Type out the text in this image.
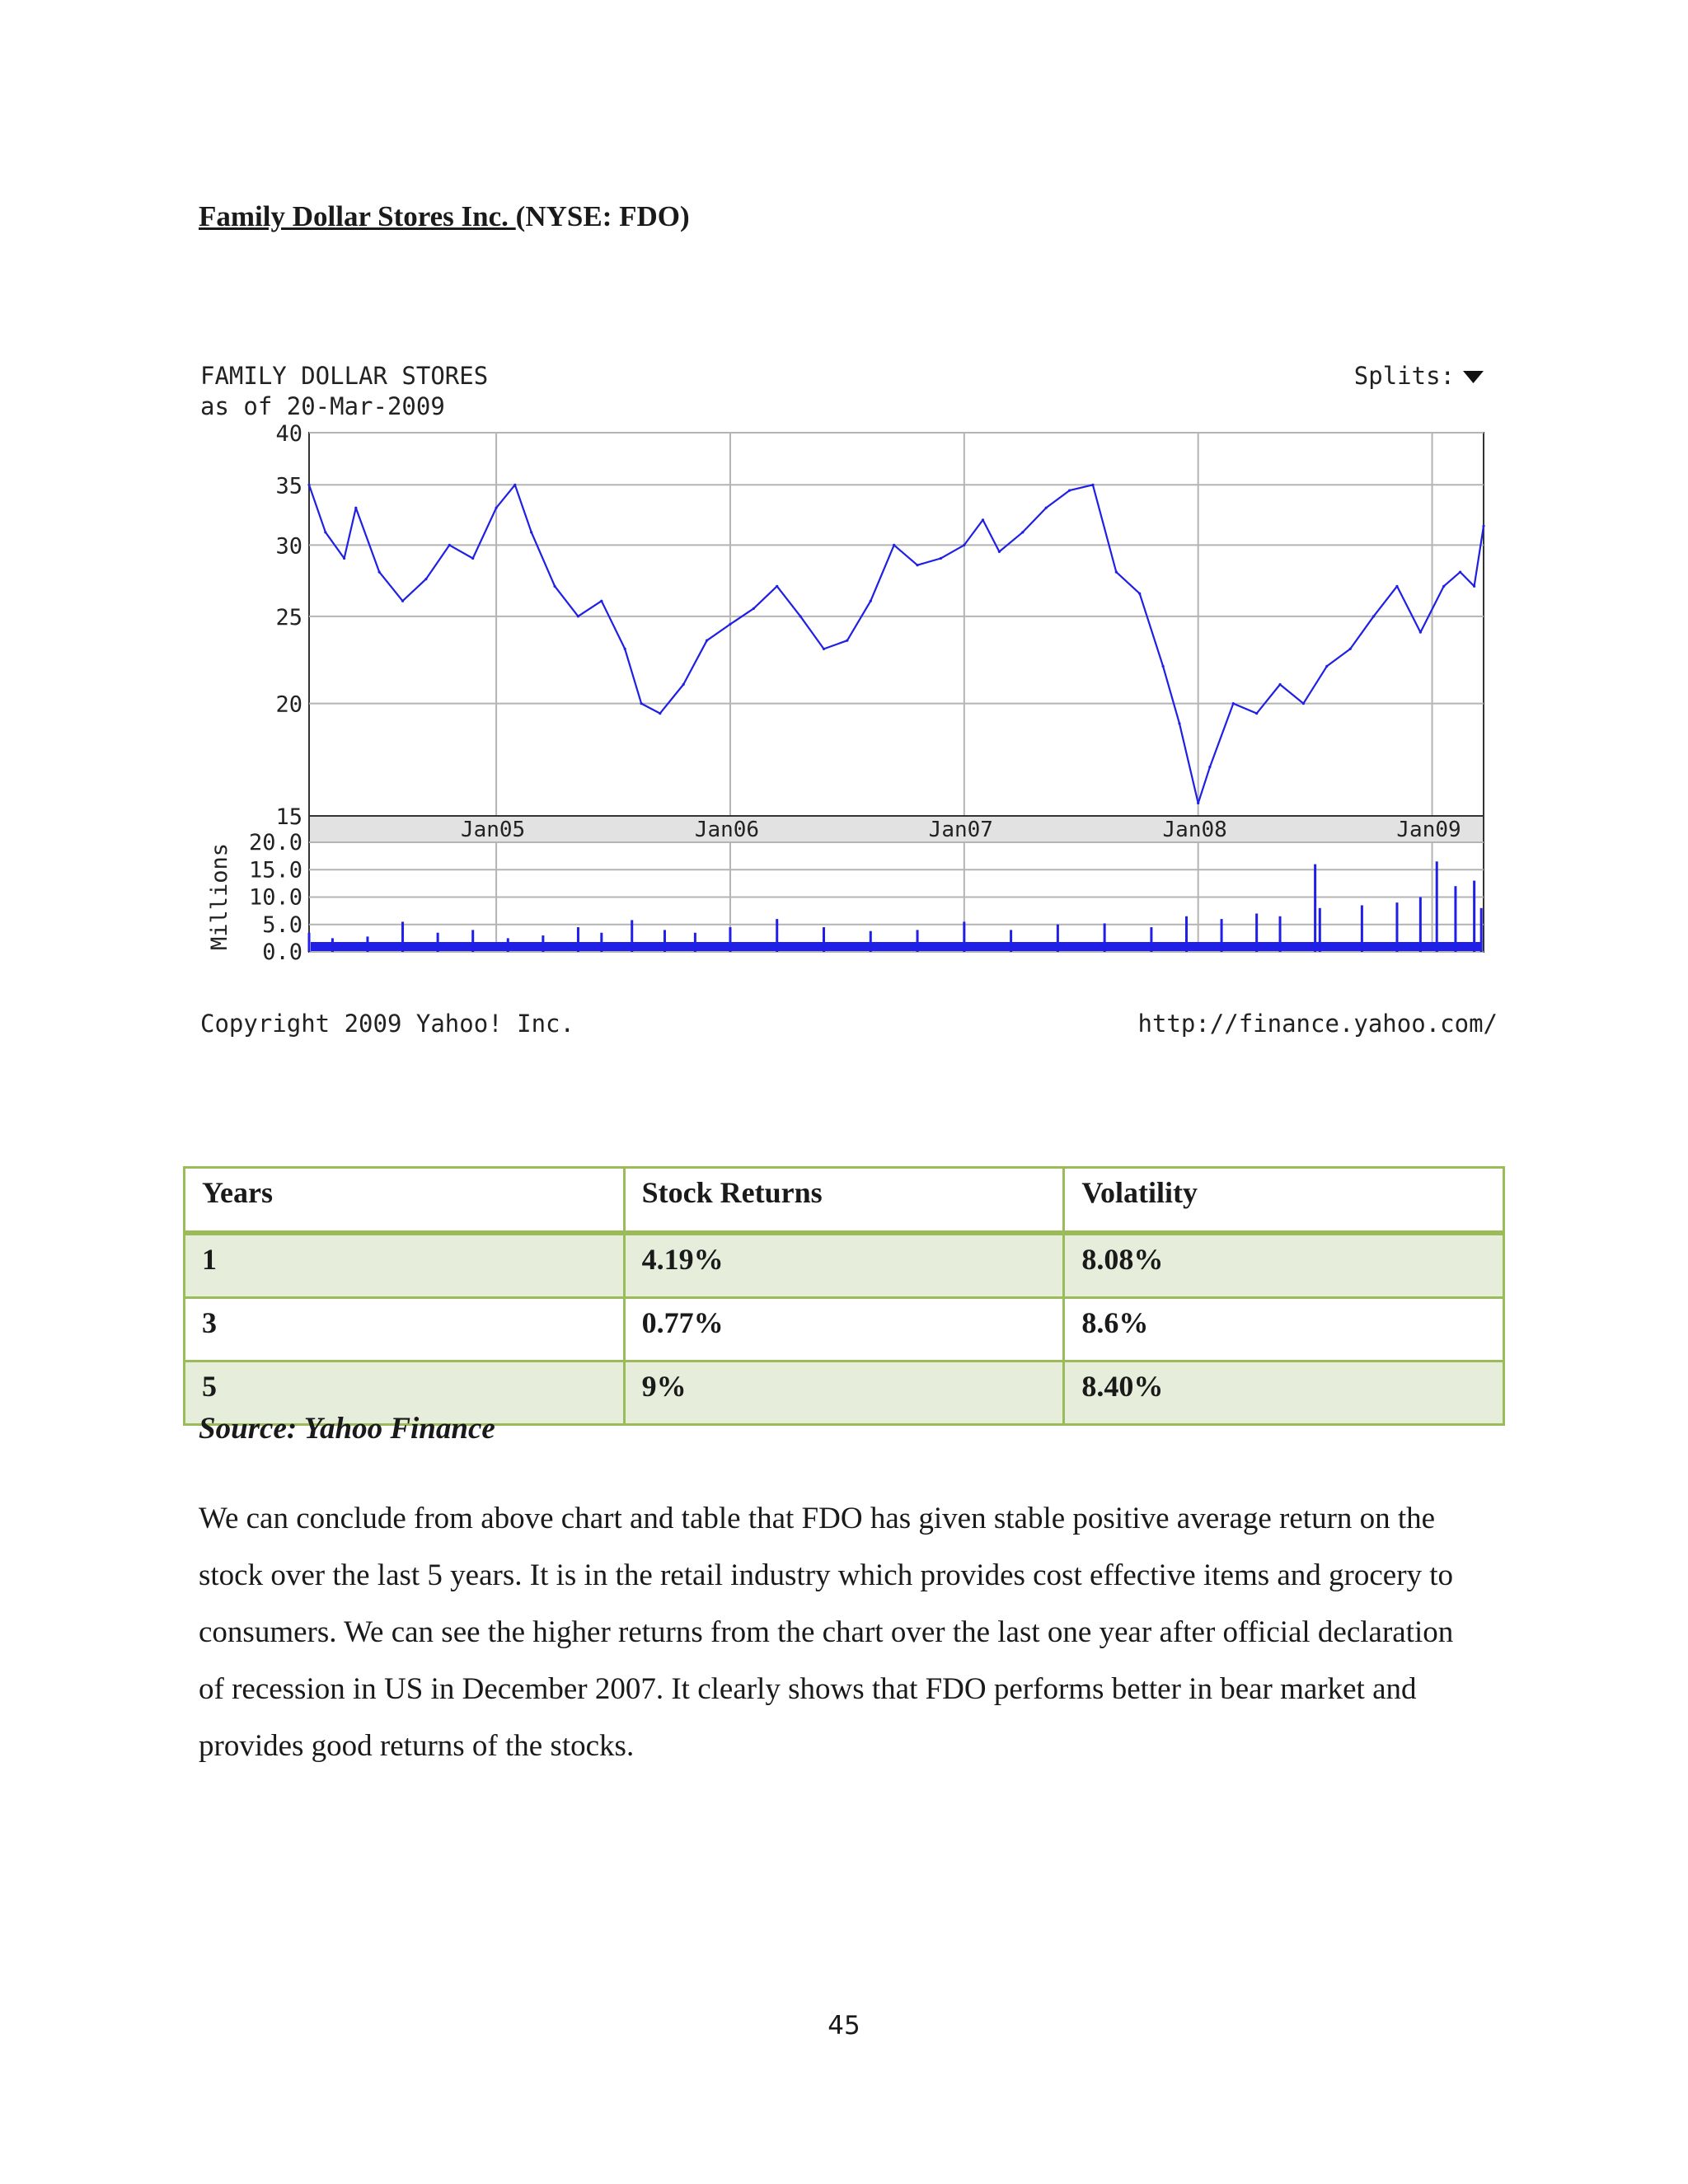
Family Dollar Stores Inc. (NYSE: FDO)
FAMILY DOLLAR STORES
as of 20-Mar-2009
Splits:
40
35
30
25
20
15	Jan05	Jan06	Jan07	Jan08	Jan09
20.0
15.0
10.0
5.0
0.0
Millions
Copyright 2009 Yahoo! Inc.	http://finance.yahoo.com/
Years	Stock Returns	Volatility
1	4.19%	8.08%
3	0.77%	8.6%
5	9%	8.40%

Source: Yahoo Finance

We can conclude from above chart and table that FDO has given stable positive average return on the stock over the last 5 years. It is in the retail industry which provides cost effective items and grocery to consumers. We can see the higher returns from the chart over the last one year after official declaration of recession in US in December 2007. It clearly shows that FDO performs better in bear market and provides good returns of the stocks.

45
